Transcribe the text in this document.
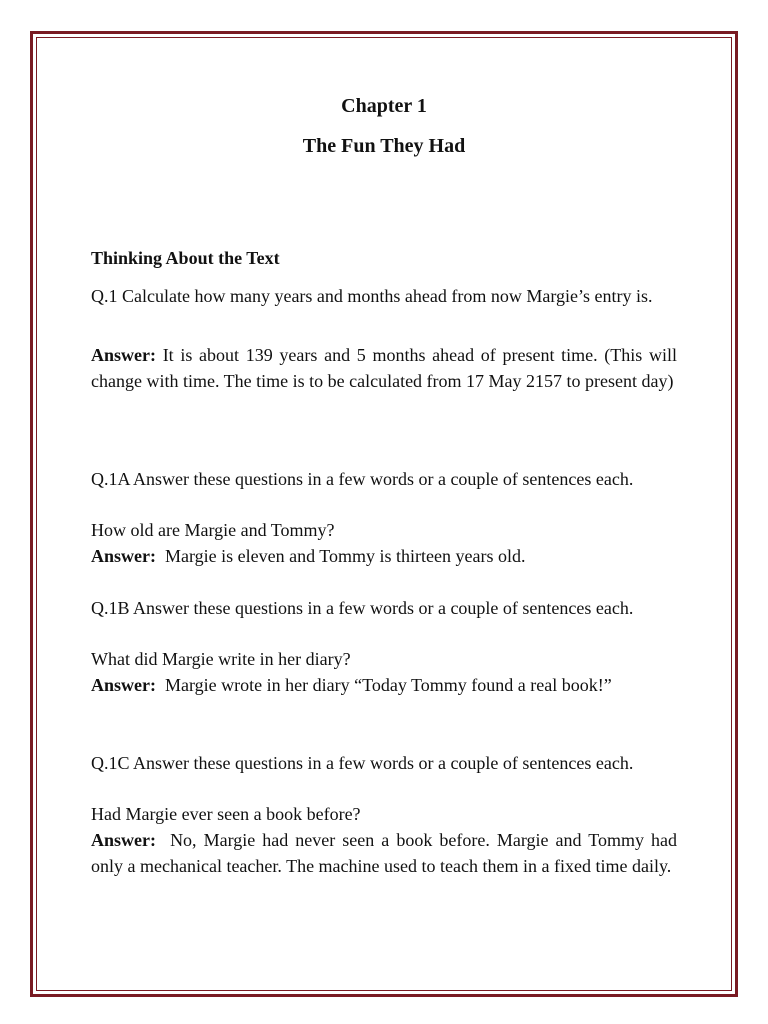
Chapter 1
The Fun They Had
Thinking About the Text
Q.1 Calculate how many years and months ahead from now Margie’s entry is.
Answer: It is about 139 years and 5 months ahead of present time. (This will change with time. The time is to be calculated from 17 May 2157 to present day)
Q.1A Answer these questions in a few words or a couple of sentences each.
How old are Margie and Tommy?
Answer: Margie is eleven and Tommy is thirteen years old.
Q.1B Answer these questions in a few words or a couple of sentences each.
What did Margie write in her diary?
Answer: Margie wrote in her diary “Today Tommy found a real book!”
Q.1C Answer these questions in a few words or a couple of sentences each.
Had Margie ever seen a book before?
Answer: No, Margie had never seen a book before. Margie and Tommy had only a mechanical teacher. The machine used to teach them in a fixed time daily.
